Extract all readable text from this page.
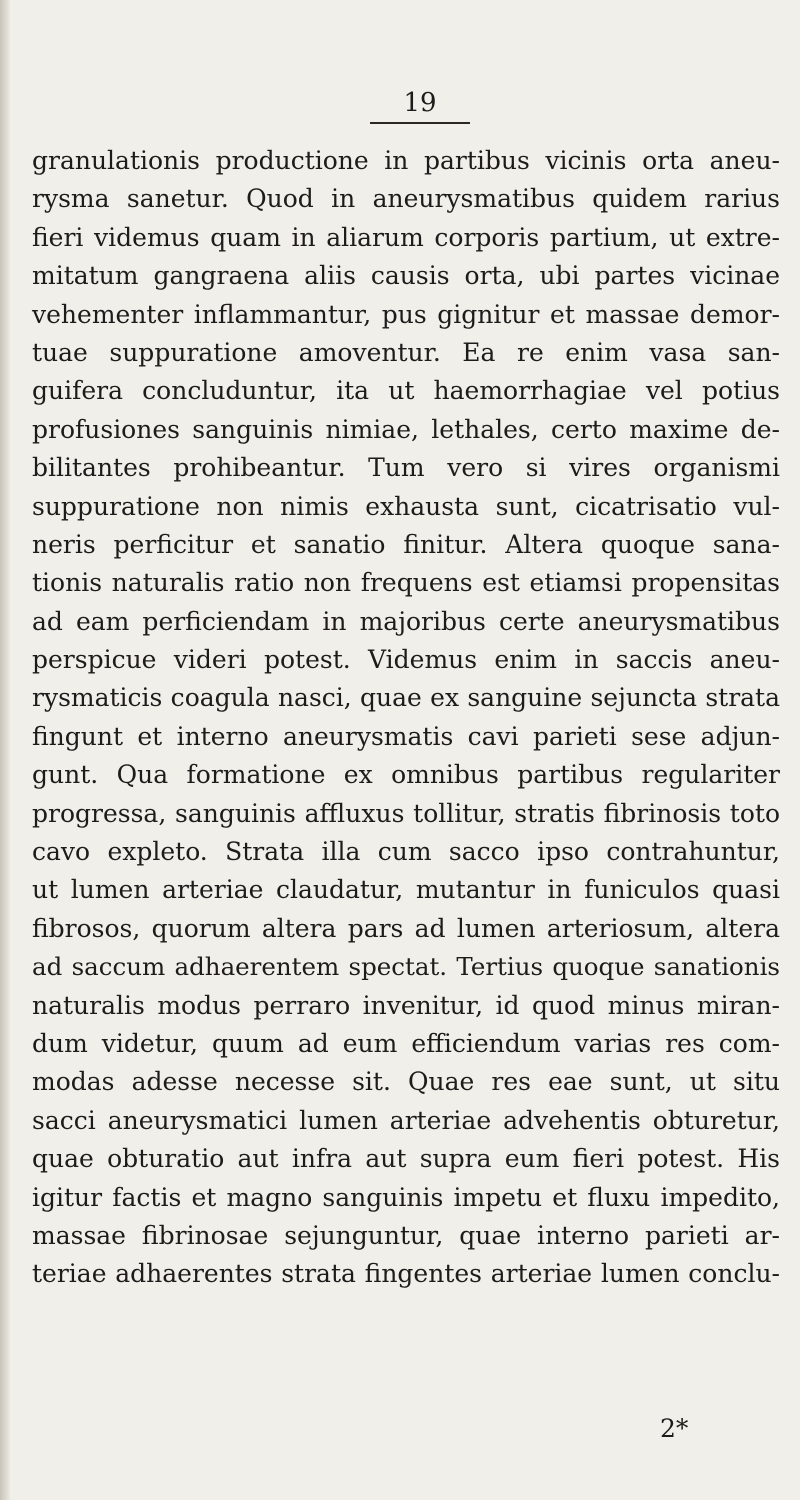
19
granulationis productione in partibus vicinis orta aneu-
rysma sanetur. Quod in aneurysmatibus quidem rarius
fieri videmus quam in aliarum corporis partium, ut extre-
mitatum gangraena aliis causis orta, ubi partes vicinae
vehementer inflammantur, pus gignitur et massae demor-
tuae suppuratione amoventur. Ea re enim vasa san-
guifera concluduntur, ita ut haemorrhagiae vel potius
profusiones sanguinis nimiae, lethales, certo maxime de-
bilitantes prohibeantur. Tum vero si vires organismi
suppuratione non nimis exhausta sunt, cicatrisatio vul-
neris perficitur et sanatio finitur. Altera quoque sana-
tionis naturalis ratio non frequens est etiamsi propensitas
ad eam perficiendam in majoribus certe aneurysmatibus
perspicue videri potest. Videmus enim in saccis aneu-
rysmaticis coagula nasci, quae ex sanguine sejuncta strata
fingunt et interno aneurysmatis cavi parieti sese adjun-
gunt. Qua formatione ex omnibus partibus regulariter
progressa, sanguinis affluxus tollitur, stratis fibrinosis toto
cavo expleto. Strata illa cum sacco ipso contrahuntur,
ut lumen arteriae claudatur, mutantur in funiculos quasi
fibrosos, quorum altera pars ad lumen arteriosum, altera
ad saccum adhaerentem spectat. Tertius quoque sanationis
naturalis modus perraro invenitur, id quod minus miran-
dum videtur, quum ad eum efficiendum varias res com-
modas adesse necesse sit. Quae res eae sunt, ut situ
sacci aneurysmatici lumen arteriae advehentis obturetur,
quae obturatio aut infra aut supra eum fieri potest. His
igitur factis et magno sanguinis impetu et fluxu impedito,
massae fibrinosae sejunguntur, quae interno parieti ar-
teriae adhaerentes strata fingentes arteriae lumen conclu-
2*
